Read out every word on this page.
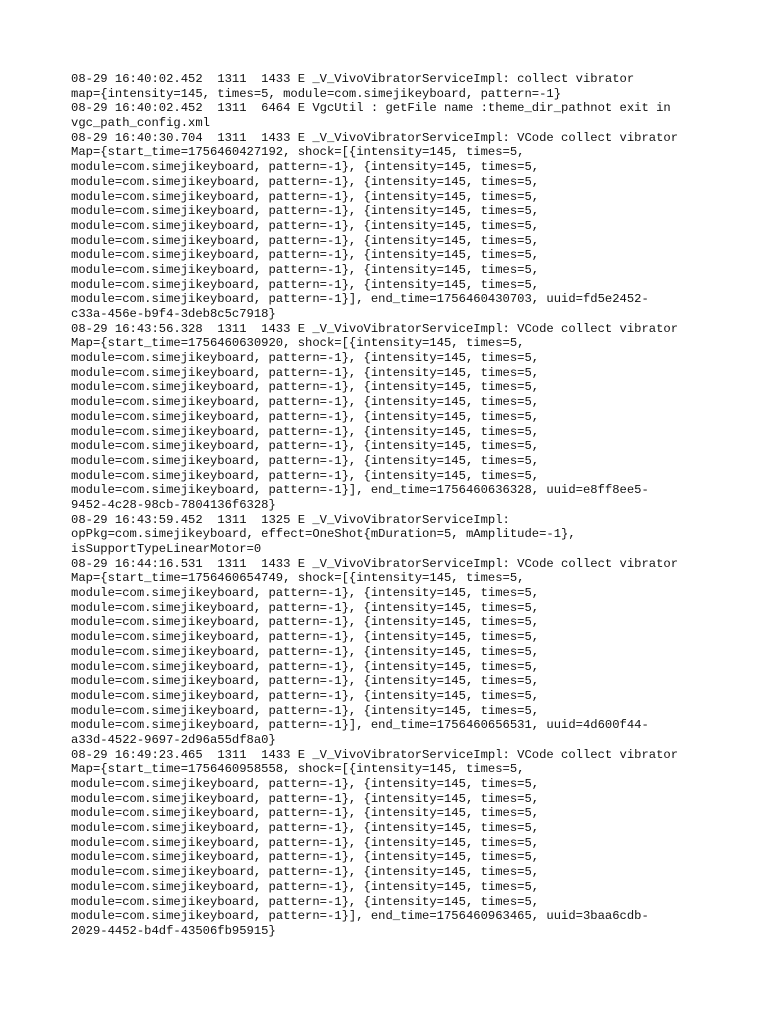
08-29 16:40:02.452  1311  1433 E _V_VivoVibratorServiceImpl: collect vibrator
map={intensity=145, times=5, module=com.simejikeyboard, pattern=-1}
08-29 16:40:02.452  1311  6464 E VgcUtil : getFile name :theme_dir_pathnot exit in
vgc_path_config.xml
08-29 16:40:30.704  1311  1433 E _V_VivoVibratorServiceImpl: VCode collect vibrator
Map={start_time=1756460427192, shock=[{intensity=145, times=5,
module=com.simejikeyboard, pattern=-1}, {intensity=145, times=5,
module=com.simejikeyboard, pattern=-1}, {intensity=145, times=5,
module=com.simejikeyboard, pattern=-1}, {intensity=145, times=5,
module=com.simejikeyboard, pattern=-1}, {intensity=145, times=5,
module=com.simejikeyboard, pattern=-1}, {intensity=145, times=5,
module=com.simejikeyboard, pattern=-1}, {intensity=145, times=5,
module=com.simejikeyboard, pattern=-1}, {intensity=145, times=5,
module=com.simejikeyboard, pattern=-1}, {intensity=145, times=5,
module=com.simejikeyboard, pattern=-1}, {intensity=145, times=5,
module=com.simejikeyboard, pattern=-1}], end_time=1756460430703, uuid=fd5e2452-
c33a-456e-b9f4-3deb8c5c7918}
08-29 16:43:56.328  1311  1433 E _V_VivoVibratorServiceImpl: VCode collect vibrator
Map={start_time=1756460630920, shock=[{intensity=145, times=5,
module=com.simejikeyboard, pattern=-1}, {intensity=145, times=5,
module=com.simejikeyboard, pattern=-1}, {intensity=145, times=5,
module=com.simejikeyboard, pattern=-1}, {intensity=145, times=5,
module=com.simejikeyboard, pattern=-1}, {intensity=145, times=5,
module=com.simejikeyboard, pattern=-1}, {intensity=145, times=5,
module=com.simejikeyboard, pattern=-1}, {intensity=145, times=5,
module=com.simejikeyboard, pattern=-1}, {intensity=145, times=5,
module=com.simejikeyboard, pattern=-1}, {intensity=145, times=5,
module=com.simejikeyboard, pattern=-1}, {intensity=145, times=5,
module=com.simejikeyboard, pattern=-1}], end_time=1756460636328, uuid=e8ff8ee5-
9452-4c28-98cb-7804136f6328}
08-29 16:43:59.452  1311  1325 E _V_VivoVibratorServiceImpl:
opPkg=com.simejikeyboard, effect=OneShot{mDuration=5, mAmplitude=-1},
isSupportTypeLinearMotor=0
08-29 16:44:16.531  1311  1433 E _V_VivoVibratorServiceImpl: VCode collect vibrator
Map={start_time=1756460654749, shock=[{intensity=145, times=5,
module=com.simejikeyboard, pattern=-1}, {intensity=145, times=5,
module=com.simejikeyboard, pattern=-1}, {intensity=145, times=5,
module=com.simejikeyboard, pattern=-1}, {intensity=145, times=5,
module=com.simejikeyboard, pattern=-1}, {intensity=145, times=5,
module=com.simejikeyboard, pattern=-1}, {intensity=145, times=5,
module=com.simejikeyboard, pattern=-1}, {intensity=145, times=5,
module=com.simejikeyboard, pattern=-1}, {intensity=145, times=5,
module=com.simejikeyboard, pattern=-1}, {intensity=145, times=5,
module=com.simejikeyboard, pattern=-1}, {intensity=145, times=5,
module=com.simejikeyboard, pattern=-1}], end_time=1756460656531, uuid=4d600f44-
a33d-4522-9697-2d96a55df8a0}
08-29 16:49:23.465  1311  1433 E _V_VivoVibratorServiceImpl: VCode collect vibrator
Map={start_time=1756460958558, shock=[{intensity=145, times=5,
module=com.simejikeyboard, pattern=-1}, {intensity=145, times=5,
module=com.simejikeyboard, pattern=-1}, {intensity=145, times=5,
module=com.simejikeyboard, pattern=-1}, {intensity=145, times=5,
module=com.simejikeyboard, pattern=-1}, {intensity=145, times=5,
module=com.simejikeyboard, pattern=-1}, {intensity=145, times=5,
module=com.simejikeyboard, pattern=-1}, {intensity=145, times=5,
module=com.simejikeyboard, pattern=-1}, {intensity=145, times=5,
module=com.simejikeyboard, pattern=-1}, {intensity=145, times=5,
module=com.simejikeyboard, pattern=-1}, {intensity=145, times=5,
module=com.simejikeyboard, pattern=-1}], end_time=1756460963465, uuid=3baa6cdb-
2029-4452-b4df-43506fb95915}
